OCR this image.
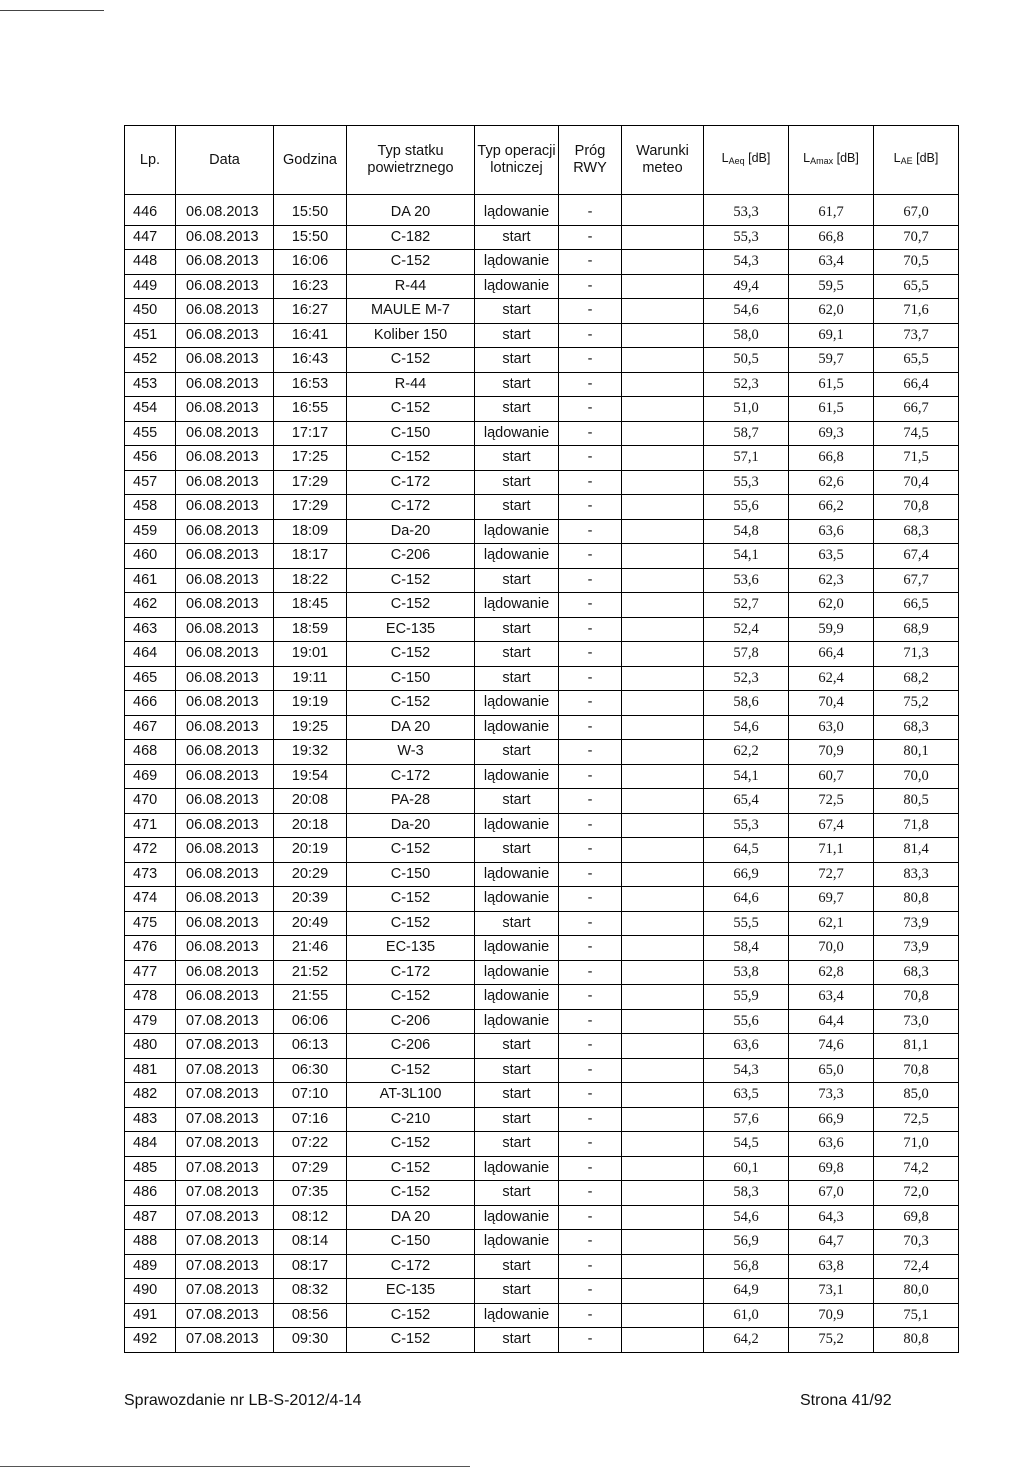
Lp.	Data	Godzina	Typ statku powietrznego	Typ operacji lotniczej	Próg RWY	Warunki meteo	$L_{Aeq}$ [dB]	$L_{Amax}$ [dB]	$L_{AE}$ [dB]
446	06.08.2013	15:50	DA 20	lądowanie	-		53,3	61,7	67,0
447	06.08.2013	15:50	C-182	start	-		55,3	66,8	70,7
448	06.08.2013	16:06	C-152	lądowanie	-		54,3	63,4	70,5
449	06.08.2013	16:23	R-44	lądowanie	-		49,4	59,5	65,5
450	06.08.2013	16:27	MAULE M-7	start	-		54,6	62,0	71,6
451	06.08.2013	16:41	Koliber 150	start	-		58,0	69,1	73,7
452	06.08.2013	16:43	C-152	start	-		50,5	59,7	65,5
453	06.08.2013	16:53	R-44	start	-		52,3	61,5	66,4
454	06.08.2013	16:55	C-152	start	-		51,0	61,5	66,7
455	06.08.2013	17:17	C-150	lądowanie	-		58,7	69,3	74,5
456	06.08.2013	17:25	C-152	start	-		57,1	66,8	71,5
457	06.08.2013	17:29	C-172	start	-		55,3	62,6	70,4
458	06.08.2013	17:29	C-172	start	-		55,6	66,2	70,8
459	06.08.2013	18:09	Da-20	lądowanie	-		54,8	63,6	68,3
460	06.08.2013	18:17	C-206	lądowanie	-		54,1	63,5	67,4
461	06.08.2013	18:22	C-152	start	-		53,6	62,3	67,7
462	06.08.2013	18:45	C-152	lądowanie	-		52,7	62,0	66,5
463	06.08.2013	18:59	EC-135	start	-		52,4	59,9	68,9
464	06.08.2013	19:01	C-152	start	-		57,8	66,4	71,3
465	06.08.2013	19:11	C-150	start	-		52,3	62,4	68,2
466	06.08.2013	19:19	C-152	lądowanie	-		58,6	70,4	75,2
467	06.08.2013	19:25	DA 20	lądowanie	-		54,6	63,0	68,3
468	06.08.2013	19:32	W-3	start	-		62,2	70,9	80,1
469	06.08.2013	19:54	C-172	lądowanie	-		54,1	60,7	70,0
470	06.08.2013	20:08	PA-28	start	-		65,4	72,5	80,5
471	06.08.2013	20:18	Da-20	lądowanie	-		55,3	67,4	71,8
472	06.08.2013	20:19	C-152	start	-		64,5	71,1	81,4
473	06.08.2013	20:29	C-150	lądowanie	-		66,9	72,7	83,3
474	06.08.2013	20:39	C-152	lądowanie	-		64,6	69,7	80,8
475	06.08.2013	20:49	C-152	start	-		55,5	62,1	73,9
476	06.08.2013	21:46	EC-135	lądowanie	-		58,4	70,0	73,9
477	06.08.2013	21:52	C-172	lądowanie	-		53,8	62,8	68,3
478	06.08.2013	21:55	C-152	lądowanie	-		55,9	63,4	70,8
479	07.08.2013	06:06	C-206	lądowanie	-		55,6	64,4	73,0
480	07.08.2013	06:13	C-206	start	-		63,6	74,6	81,1
481	07.08.2013	06:30	C-152	start	-		54,3	65,0	70,8
482	07.08.2013	07:10	AT-3L100	start	-		63,5	73,3	85,0
483	07.08.2013	07:16	C-210	start	-		57,6	66,9	72,5
484	07.08.2013	07:22	C-152	start	-		54,5	63,6	71,0
485	07.08.2013	07:29	C-152	lądowanie	-		60,1	69,8	74,2
486	07.08.2013	07:35	C-152	start	-		58,3	67,0	72,0
487	07.08.2013	08:12	DA 20	lądowanie	-		54,6	64,3	69,8
488	07.08.2013	08:14	C-150	lądowanie	-		56,9	64,7	70,3
489	07.08.2013	08:17	C-172	start	-		56,8	63,8	72,4
490	07.08.2013	08:32	EC-135	start	-		64,9	73,1	80,0
491	07.08.2013	08:56	C-152	lądowanie	-		61,0	70,9	75,1
492	07.08.2013	09:30	C-152	start	-		64,2	75,2	80,8
Sprawozdanie nr LB-S-2012/4-14	Strona 41/92
